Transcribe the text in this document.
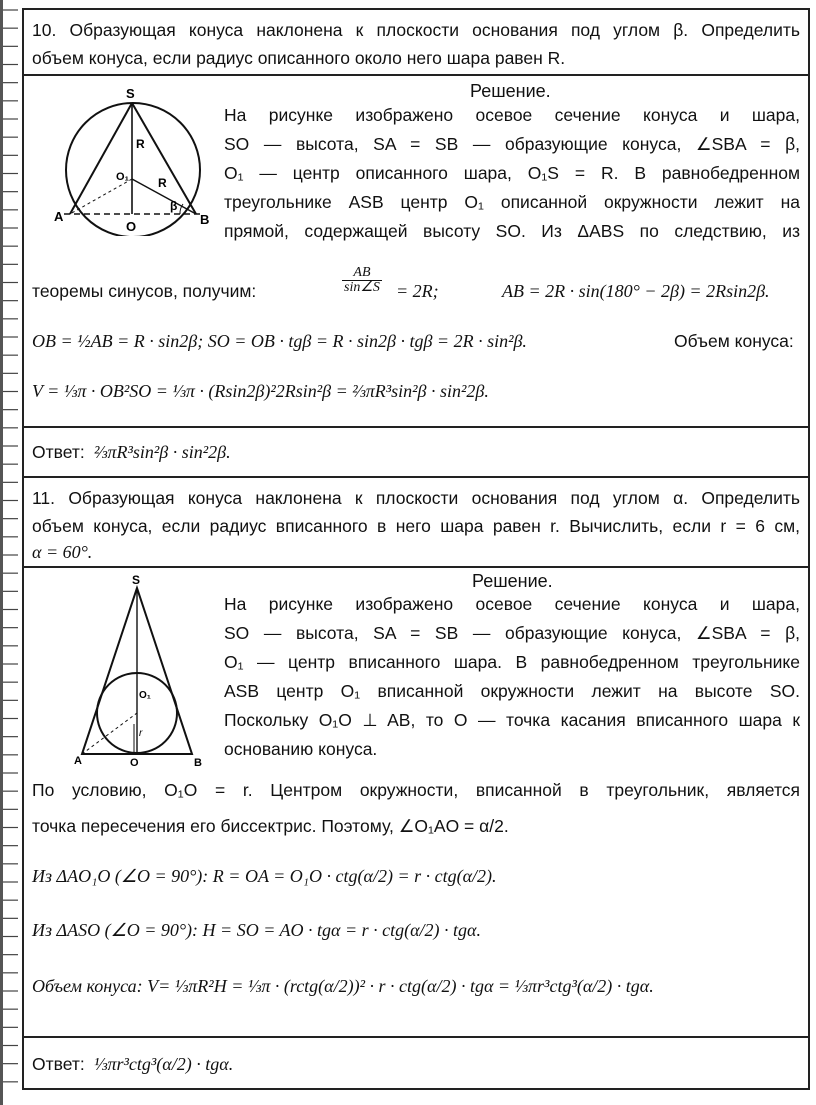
10. Образующая конуса наклонена к плоскости основания под углом β. Определить
объем конуса, если радиус описанного около него шара равен R.
S
R
O₁ R
β
A
O	B
Решение.
На рисунке изображено осевое сечение конуса и шара,
SO — высота, SA = SB — образующие конуса, ∠SBA = β,
O₁ — центр описанного шара, O₁S = R. В равнобедренном
треугольнике ASB центр O₁ описанной окружности лежит на
прямой, содержащей высоту SO. Из ΔABS по следствию, из
теоремы синусов, получим:	$\frac{AB}{\sin\angle S} = 2R$;	AB = 2R · sin(180° − 2β) = 2Rsin2β.
OB = ½AB = R · sin2β; SO = OB · tgβ = R · sin2β · tgβ = 2R · sin²β.	Объем конуса:
V = ⅓π · OB²SO = ⅓π · (Rsin2β)²2Rsin²β = ⅔πR³sin²β · sin²2β.
Ответ: ⅔πR³sin²β · sin²2β.
11. Образующая конуса наклонена к плоскости основания под углом α. Определить
объем конуса, если радиус вписанного в него шара равен r. Вычислить, если r = 6 см,
α = 60°.
S
O₁
r
A	O	B
Решение.
На рисунке изображено осевое сечение конуса и шара,
SO — высота, SA = SB — образующие конуса, ∠SBA = β,
O₁ — центр вписанного шара. В равнобедренном треугольнике
ASB центр O₁ вписанной окружности лежит на высоте SO.
Поскольку O₁O ⊥ AB, то O — точка касания вписанного шара к
основанию конуса.
По условию, O₁O = r. Центром окружности, вписанной в треугольник, является
точка пересечения его биссектрис. Поэтому, ∠O₁AO = α/2.
Из ΔAO₁O (∠O = 90°): R = OA = O₁O · ctg(α/2) = r · ctg(α/2).
Из ΔASO (∠O = 90°): H = SO = AO · tgα = r · ctg(α/2) · tgα.
Объем конуса: V= ⅓πR²H = ⅓π · (rctg(α/2))² · r · ctg(α/2) · tgα = ⅓πr³ctg³(α/2) · tgα.
Ответ: ⅓πr³ctg³(α/2) · tgα.
